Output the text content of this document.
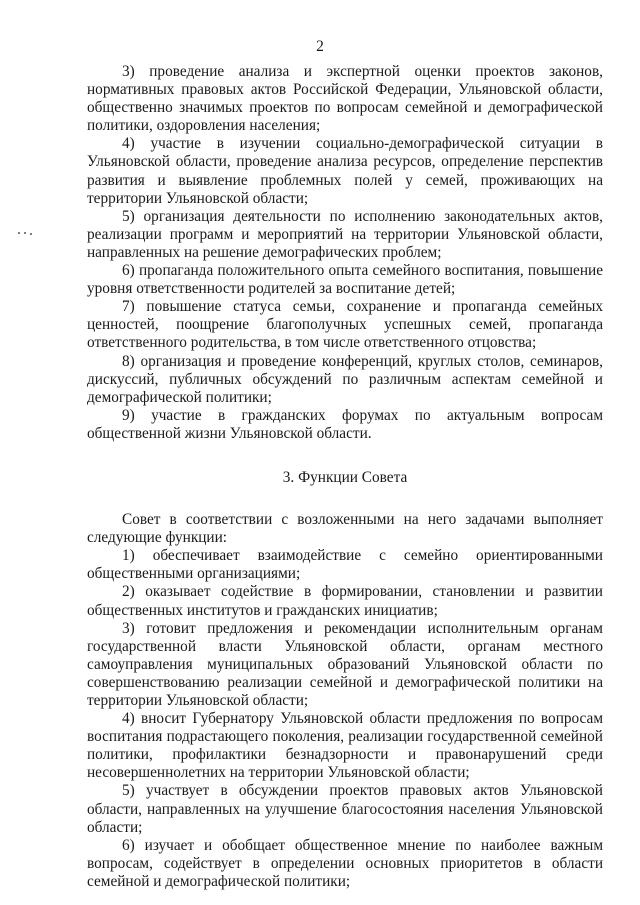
2

3) проведение анализа и экспертной оценки проектов законов, нормативных правовых актов Российской Федерации, Ульяновской области, общественно значимых проектов по вопросам семейной и демографической политики, оздоровления населения;

4) участие в изучении социально-демографической ситуации в Ульяновской области, проведение анализа ресурсов, определение перспектив развития и выявление проблемных полей у семей, проживающих на территории Ульяновской области;

5) организация деятельности по исполнению законодательных актов, реализации программ и мероприятий на территории Ульяновской области, направленных на решение демографических проблем;

6) пропаганда положительного опыта семейного воспитания, повышение уровня ответственности родителей за воспитание детей;

7) повышение статуса семьи, сохранение и пропаганда семейных ценностей, поощрение благополучных успешных семей, пропаганда ответственного родительства, в том числе ответственного отцовства;

8) организация и проведение конференций, круглых столов, семинаров, дискуссий, публичных обсуждений по различным аспектам семейной и демографической политики;

9) участие в гражданских форумах по актуальным вопросам общественной жизни Ульяновской области.

3. Функции Совета

Совет в соответствии с возложенными на него задачами выполняет следующие функции:

1) обеспечивает взаимодействие с семейно ориентированными общественными организациями;

2) оказывает содействие в формировании, становлении и развитии общественных институтов и гражданских инициатив;

3) готовит предложения и рекомендации исполнительным органам государственной власти Ульяновской области, органам местного самоуправления муниципальных образований Ульяновской области по совершенствованию реализации семейной и демографической политики на территории Ульяновской области;

4) вносит Губернатору Ульяновской области предложения по вопросам воспитания подрастающего поколения, реализации государственной семейной политики, профилактики безнадзорности и правонарушений среди несовершеннолетних на территории Ульяновской области;

5) участвует в обсуждении проектов правовых актов Ульяновской области, направленных на улучшение благосостояния населения Ульяновской области;

6) изучает и обобщает общественное мнение по наиболее важным вопросам, содействует в определении основных приоритетов в области семейной и демографической политики;
